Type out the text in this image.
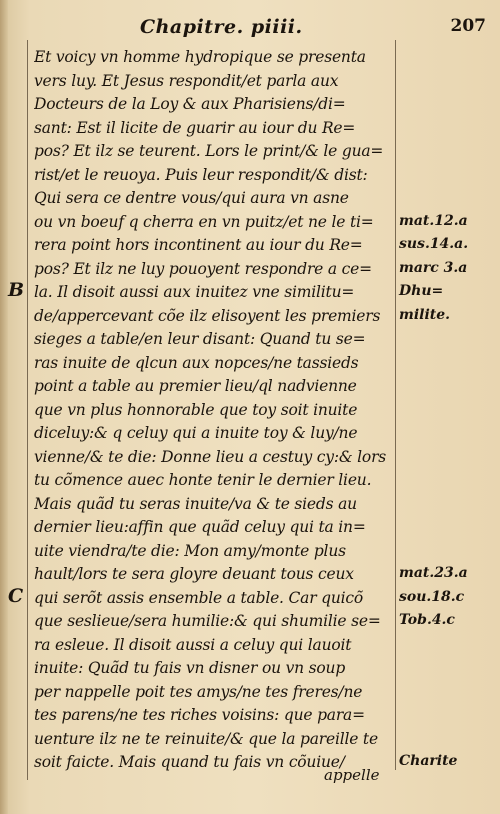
Chapitre. piiii.	207
Et voicy vn homme hydropique se presenta
vers luy. Et Jesus respondit/et parla aux
Docteurs de la Loy & aux Pharisiens/di=
sant: Est il licite de guarir au iour du Re=
pos? Et ilz se teurent. Lors le print/& le gua=
rist/et le reuoya. Puis leur respondit/& dist:
Qui sera ce dentre vous/qui aura vn asne
ou vn boeuf q cherra en vn puitz/et ne le ti=
rera point hors incontinent au iour du Re=
pos? Et ilz ne luy pouoyent respondre a ce=
la. Il disoit aussi aux inuitez vne similitu=
de/appercevant cõe ilz elisoyent les premiers
sieges a table/en leur disant: Quand tu se=
ras inuite de qlcun aux nopces/ne tassieds
point a table au premier lieu/ql nadvienne
que vn plus honnorable que toy soit inuite
diceluy:& q celuy qui a inuite toy & luy/ne
vienne/& te die: Donne lieu a cestuy cy:& lors
tu cõmence auec honte tenir le dernier lieu.
Mais quãd tu seras inuite/va & te sieds au
dernier lieu:affin que quãd celuy qui ta in=
uite viendra/te die: Mon amy/monte plus
hault/lors te sera gloyre deuant tous ceux
qui serõt assis ensemble a table. Car quicõ
que seslieue/sera humilie:& qui shumilie se=
ra esleue. Il disoit aussi a celuy qui lauoit
inuite: Quãd tu fais vn disner ou vn soup
per nappelle poit tes amys/ne tes freres/ne
tes parens/ne tes riches voisins: que para=
uenture ilz ne te reinuite/& que la pareille te
soit faicte. Mais quand tu fais vn cõuiue/
B
C
mat.12.a
sus.14.a.
marc 3.a
Dhu=
milite.
mat.23.a
sou.18.c
Tob.4.c
Charite
appelle
